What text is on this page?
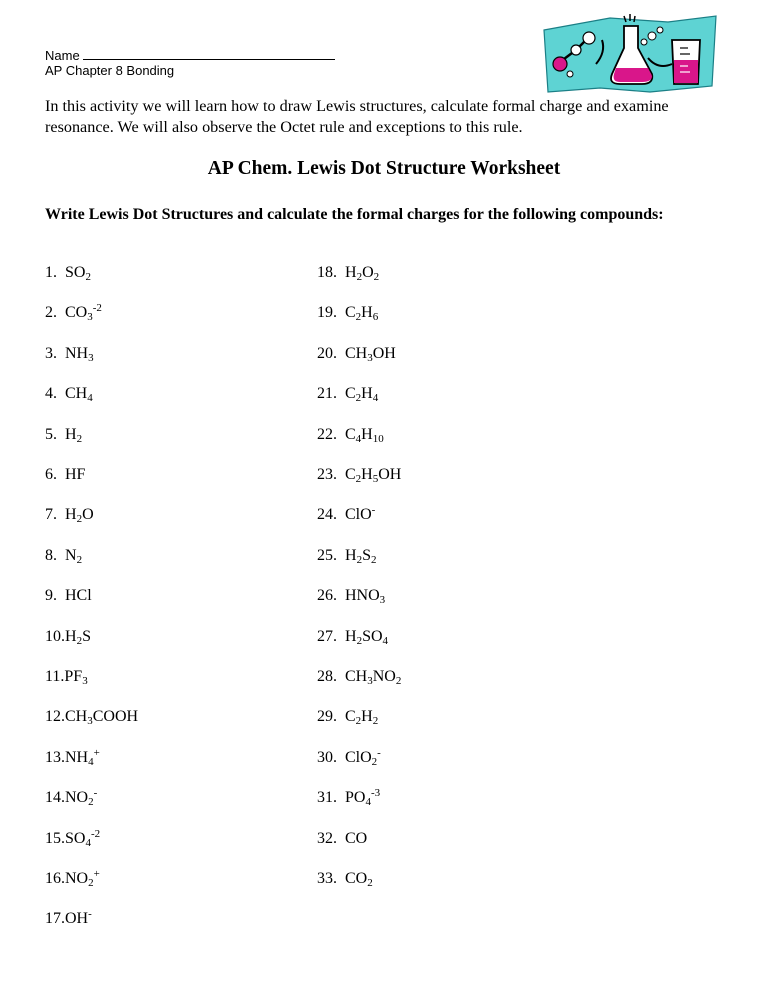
Name
AP Chapter 8 Bonding
In this activity we will learn how to draw Lewis structures, calculate formal charge and examine resonance. We will also observe the Octet rule and exceptions to this rule.
AP Chem. Lewis Dot Structure Worksheet
Write Lewis Dot Structures and calculate the formal charges for the following compounds:
1. $SO_2$
2. $CO_3^{-2}$
3. $NH_3$
4. $CH_4$
5. $H_2$
6. HF
7. $H_2O$
8. $N_2$
9. HCl
$10.H_2S$
$11.PF_3$
$12.CH_3COOH$
$13.NH_4^+$
$14.NO_2^-$
$15.SO_4^{-2}$
$16.NO_2^+$
17.OH-
18. $H_2O_2$
19. $C_2H_6$
20. $CH_3OH$
21. $C_2H_4$
22. $C_4H_{10}$
23. $C_2H_5OH$
24. ClO-
25. $H_2S_2$
26. $HNO_3$
27. $H_2SO_4$
28. $CH_3NO_2$
29. $C_2H_2$
30. ClO$_2$-
31. $PO_4^{-3}$
32. CO
33. $CO_2$
